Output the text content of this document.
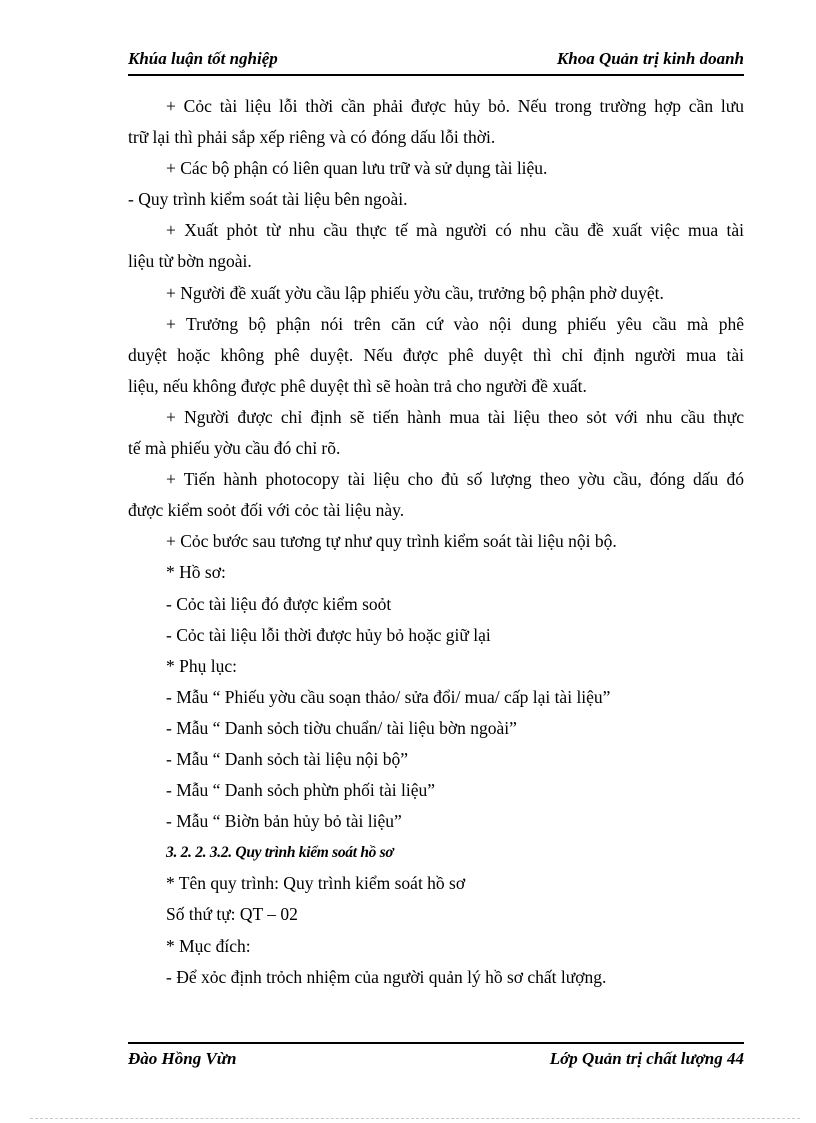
Khúa luận tốt nghiệp	Khoa Quản trị kinh doanh

+ Cỏc tài liệu lỗi thời cần phải được hủy bỏ. Nếu trong trường hợp cần lưu

trữ lại thì phải sắp xếp riêng và có đóng dấu lỗi thời.

+ Các bộ phận có liên quan lưu trữ và sử dụng tài liệu.

- Quy trình kiểm soát tài liệu bên ngoài.

+ Xuất phỏt từ nhu cầu thực tế mà người có nhu cầu đề xuất việc mua tài

liệu từ bờn ngoài.

+ Người đề xuất yờu cầu lập phiếu yờu cầu, trưởng bộ phận phờ duyệt.

+ Trưởng bộ phận nói trên căn cứ vào nội dung phiếu yêu cầu mà phê

duyệt hoặc không phê duyệt. Nếu được phê duyệt thì chỉ định người mua tài

liệu, nếu không được phê duyệt thì sẽ hoàn trả cho người đề xuất.

+ Người được chỉ định sẽ tiến hành mua tài liệu theo sỏt với nhu cầu thực

tế mà phiếu yờu cầu đó chỉ rõ.

+ Tiến hành photocopy tài liệu cho đủ số lượng theo yờu cầu, đóng dấu đó

được kiểm soỏt đối với cỏc tài liệu này.

+ Cỏc bước sau tương tự như quy trình kiểm soát tài liệu nội bộ.

* Hồ sơ:

- Cỏc tài liệu đó được kiểm soỏt

- Cỏc tài liệu lỗi thời được hủy bỏ hoặc giữ lại

* Phụ lục:

- Mẫu “ Phiếu yờu cầu soạn thảo/ sửa đổi/ mua/ cấp lại tài liệu”

- Mẫu “ Danh sỏch tiờu chuẩn/ tài liệu bờn ngoài”

- Mẫu “ Danh sỏch tài liệu nội bộ”

- Mẫu “ Danh sỏch phừn phối tài liệu”

- Mẫu “ Biờn bản hủy bỏ tài liệu”

3. 2. 2. 3.2. Quy trình kiểm soát hồ sơ

* Tên quy trình: Quy trình kiểm soát hồ sơ

Số thứ tự: QT – 02

* Mục đích:

- Để xỏc định trỏch nhiệm của người quản lý hồ sơ chất lượng.

Đào Hồng Vừn	Lớp Quản trị chất lượng 44
